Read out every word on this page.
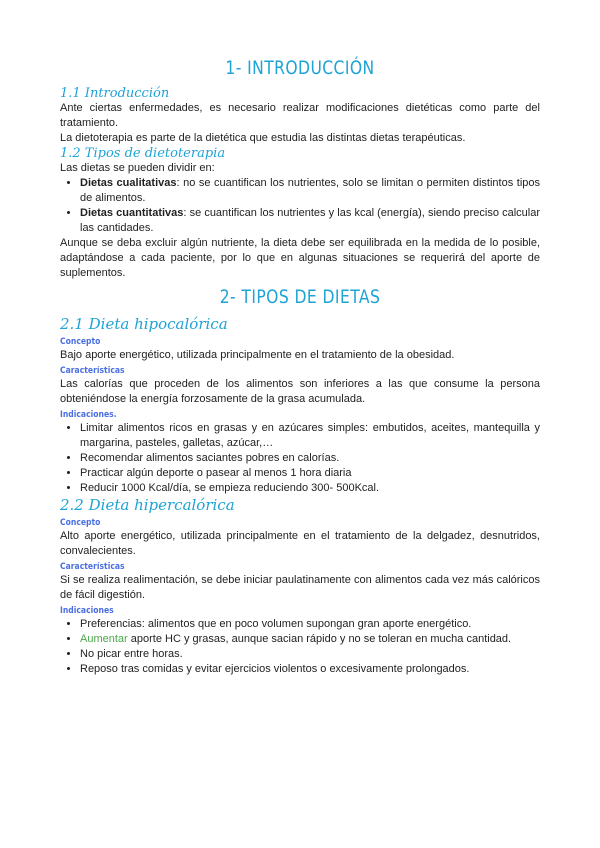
1- INTRODUCCIÓN
1.1 Introducción

Ante ciertas enfermedades, es necesario realizar modificaciones dietéticas como parte del tratamiento.

La dietoterapia es parte de la dietética que estudia las distintas dietas terapéuticas.

1.2 Tipos de dietoterapia

Las dietas se pueden dividir en:

• Dietas cualitativas: no se cuantifican los nutrientes, solo se limitan o permiten distintos tipos de alimentos.
• Dietas cuantitativas: se cuantifican los nutrientes y las kcal (energía), siendo preciso calcular las cantidades.

Aunque se deba excluir algún nutriente, la dieta debe ser equilibrada en la medida de lo posible, adaptándose a cada paciente, por lo que en algunas situaciones se requerirá del aporte de suplementos.

2- TIPOS DE DIETAS
2.1 Dieta hipocalórica
Concepto

Bajo aporte energético, utilizada principalmente en el tratamiento de la obesidad.

Características

Las calorías que proceden de los alimentos son inferiores a las que consume la persona obteniéndose la energía forzosamente de la grasa acumulada.

Indicaciones.
• Limitar alimentos ricos en grasas y en azúcares simples: embutidos, aceites, mantequilla y margarina, pasteles, galletas, azúcar,…
• Recomendar alimentos saciantes pobres en calorías.
• Practicar algún deporte o pasear al menos 1 hora diaria
• Reducir 1000 Kcal/día, se empieza reduciendo 300- 500Kcal.
2.2 Dieta hipercalórica
Concepto

Alto aporte energético, utilizada principalmente en el tratamiento de la delgadez, desnutridos, convalecientes.

Características

Si se realiza realimentación, se debe iniciar paulatinamente con alimentos cada vez más calóricos de fácil digestión.

Indicaciones
• Preferencias: alimentos que en poco volumen supongan gran aporte energético.
• Aumentar aporte HC y grasas, aunque sacian rápido y no se toleran en mucha cantidad.
• No picar entre horas.
• Reposo tras comidas y evitar ejercicios violentos o excesivamente prolongados.
